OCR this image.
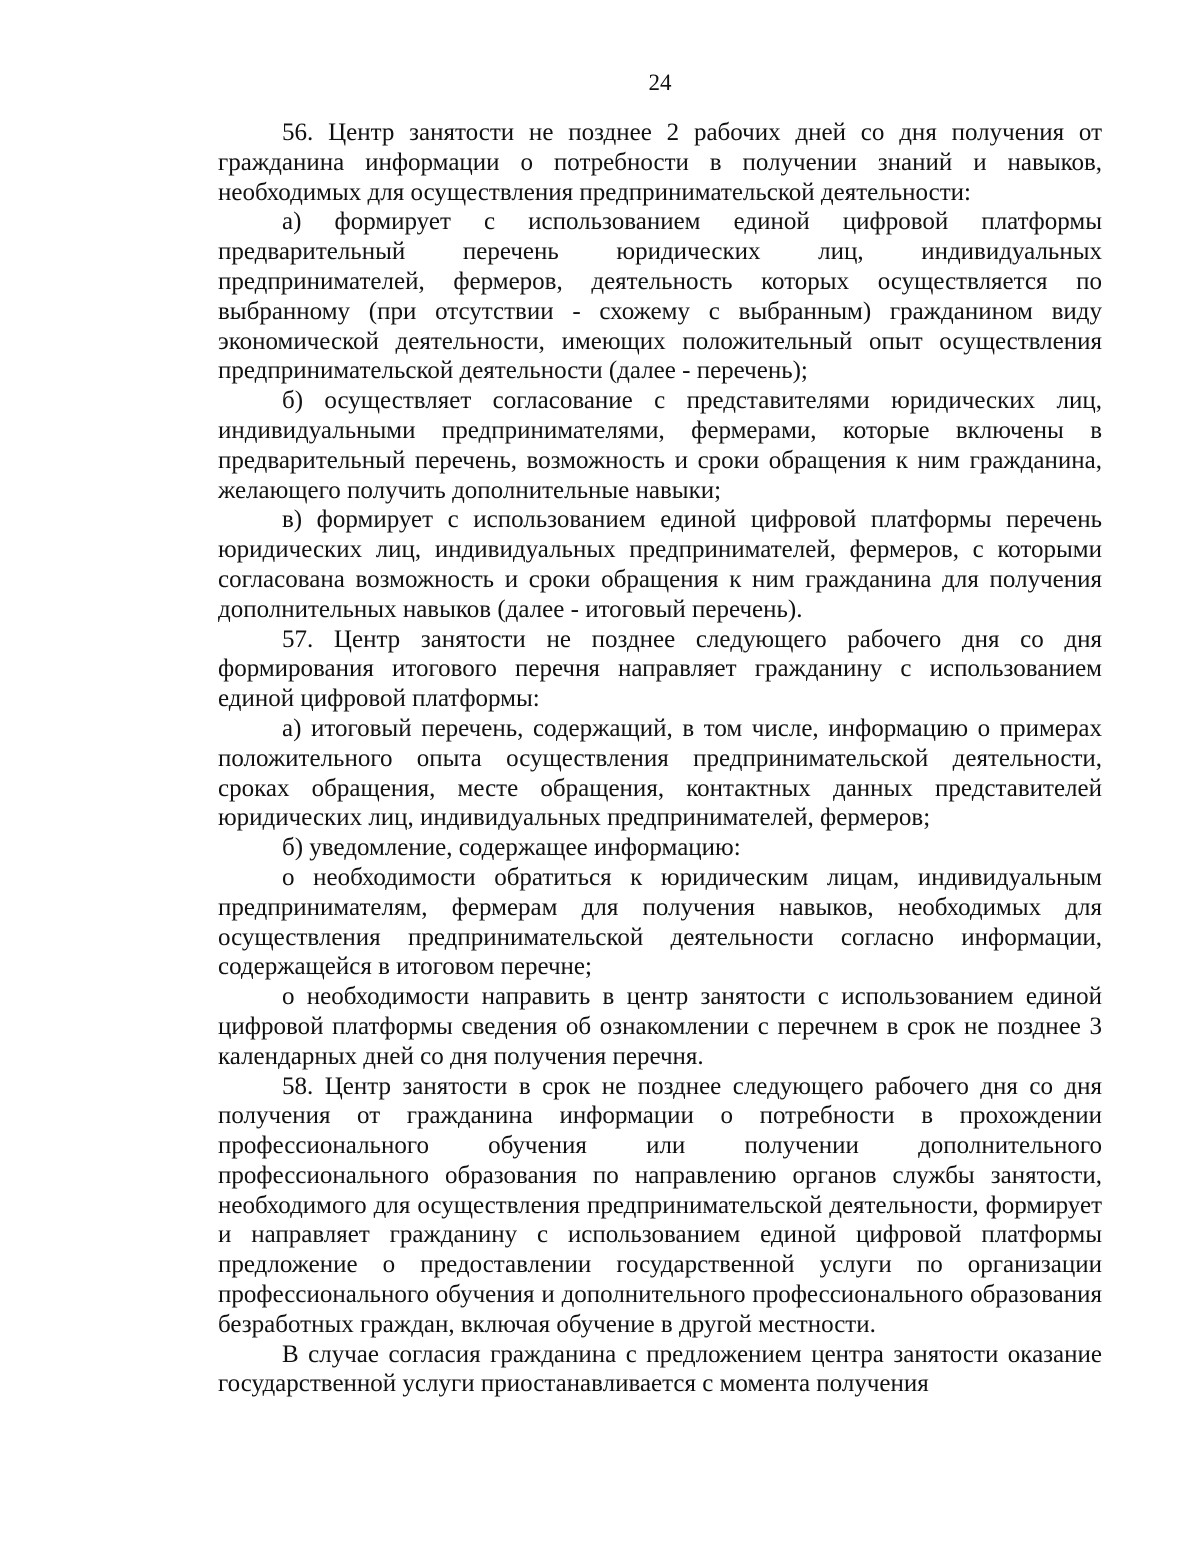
24

56. Центр занятости не позднее 2 рабочих дней со дня получения от гражданина информации о потребности в получении знаний и навыков, необходимых для осуществления предпринимательской деятельности:

а) формирует с использованием единой цифровой платформы предварительный перечень юридических лиц, индивидуальных предпринимателей, фермеров, деятельность которых осуществляется по выбранному (при отсутствии - схожему с выбранным) гражданином виду экономической деятельности, имеющих положительный опыт осуществления предпринимательской деятельности (далее - перечень);

б) осуществляет согласование с представителями юридических лиц, индивидуальными предпринимателями, фермерами, которые включены в предварительный перечень, возможность и сроки обращения к ним гражданина, желающего получить дополнительные навыки;

в) формирует с использованием единой цифровой платформы перечень юридических лиц, индивидуальных предпринимателей, фермеров, с которыми согласована возможность и сроки обращения к ним гражданина для получения дополнительных навыков (далее - итоговый перечень).

57. Центр занятости не позднее следующего рабочего дня со дня формирования итогового перечня направляет гражданину с использованием единой цифровой платформы:

а) итоговый перечень, содержащий, в том числе, информацию о примерах положительного опыта осуществления предпринимательской деятельности, сроках обращения, месте обращения, контактных данных представителей юридических лиц, индивидуальных предпринимателей, фермеров;

б) уведомление, содержащее информацию:

о необходимости обратиться к юридическим лицам, индивидуальным предпринимателям, фермерам для получения навыков, необходимых для осуществления предпринимательской деятельности согласно информации, содержащейся в итоговом перечне;

о необходимости направить в центр занятости с использованием единой цифровой платформы сведения об ознакомлении с перечнем в срок не позднее 3 календарных дней со дня получения перечня.

58. Центр занятости в срок не позднее следующего рабочего дня со дня получения от гражданина информации о потребности в прохождении профессионального обучения или получении дополнительного профессионального образования по направлению органов службы занятости, необходимого для осуществления предпринимательской деятельности, формирует и направляет гражданину с использованием единой цифровой платформы предложение о предоставлении государственной услуги по организации профессионального обучения и дополнительного профессионального образования безработных граждан, включая обучение в другой местности.

В случае согласия гражданина с предложением центра занятости оказание государственной услуги приостанавливается с момента получения
